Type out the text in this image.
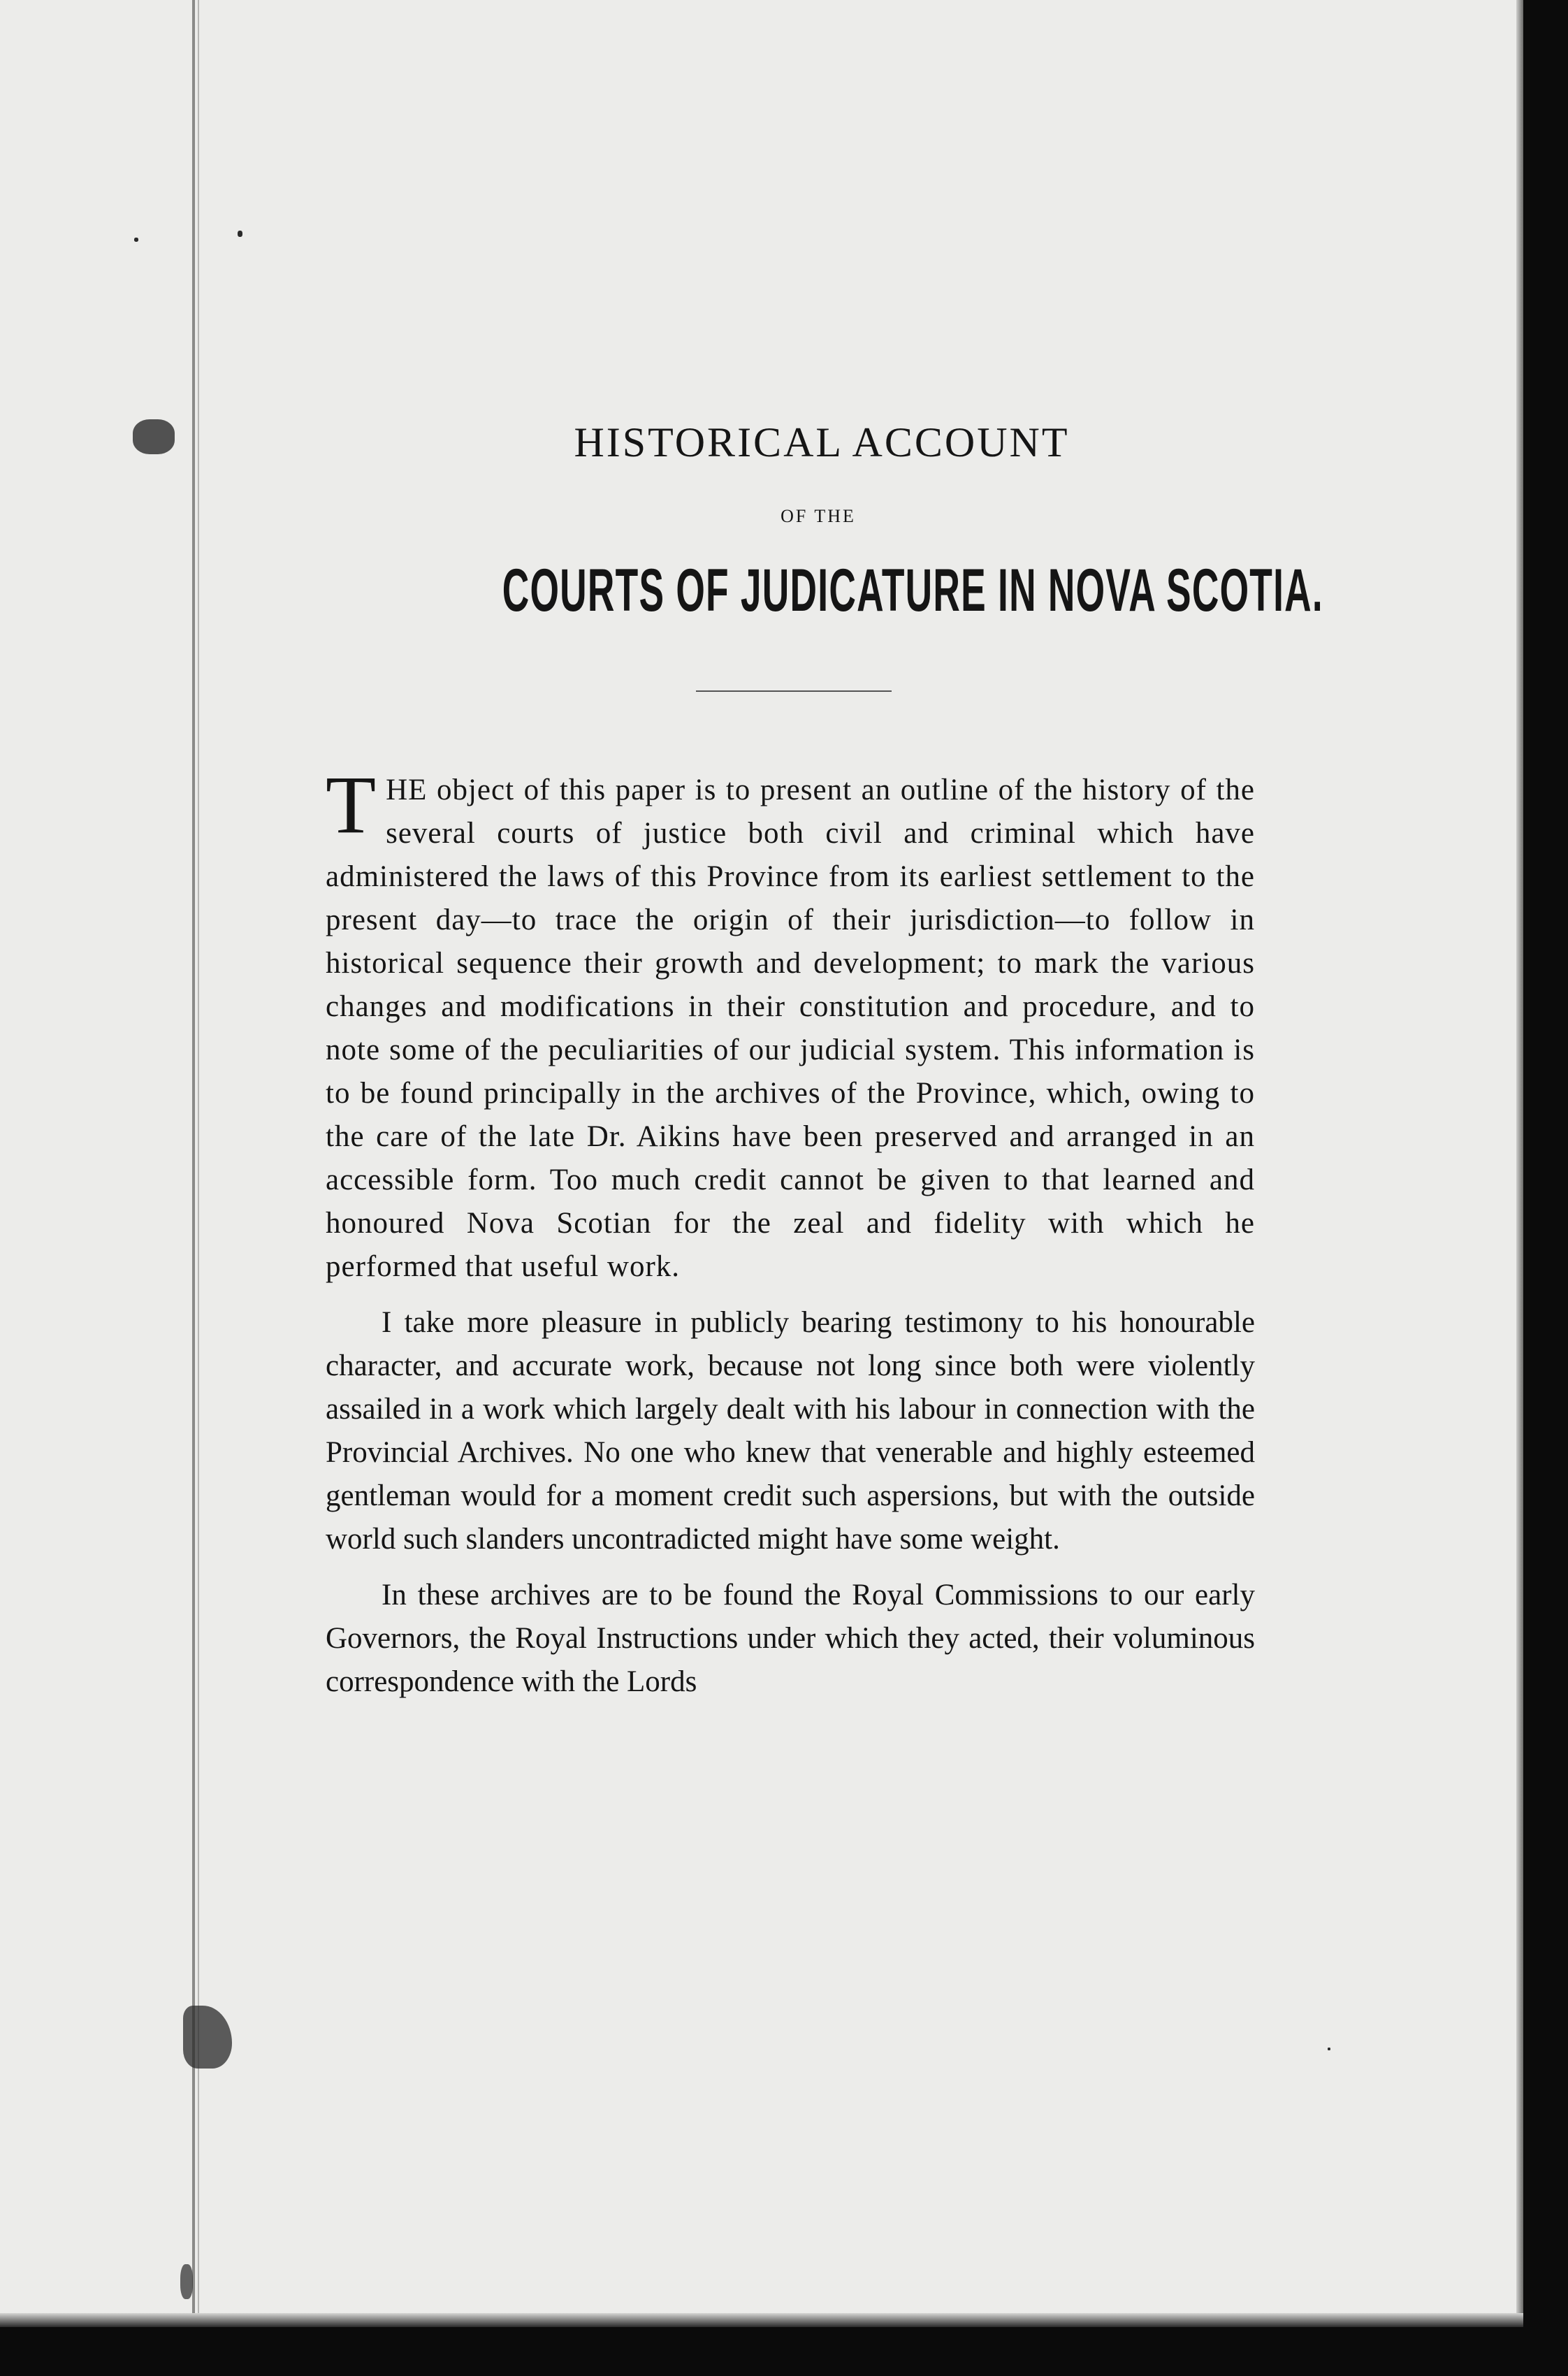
HISTORICAL ACCOUNT
OF THE
COURTS OF JUDICATURE IN NOVA SCOTIA.

THE object of this paper is to present an outline of the history of the several courts of justice both civil and criminal which have administered the laws of this Province from its earliest settlement to the present day—to trace the origin of their jurisdiction—to follow in historical sequence their growth and development; to mark the various changes and modifications in their constitution and procedure, and to note some of the peculiarities of our judicial system. This information is to be found principally in the archives of the Province, which, owing to the care of the late Dr. Aikins have been preserved and arranged in an accessible form. Too much credit cannot be given to that learned and honoured Nova Scotian for the zeal and fidelity with which he performed that useful work.

I take more pleasure in publicly bearing testimony to his honourable character, and accurate work, because not long since both were violently assailed in a work which largely dealt with his labour in connection with the Provincial Archives. No one who knew that venerable and highly esteemed gentleman would for a moment credit such aspersions, but with the outside world such slanders uncontradicted might have some weight.

In these archives are to be found the Royal Commissions to our early Governors, the Royal Instructions under which they acted, their voluminous correspondence with the Lords
